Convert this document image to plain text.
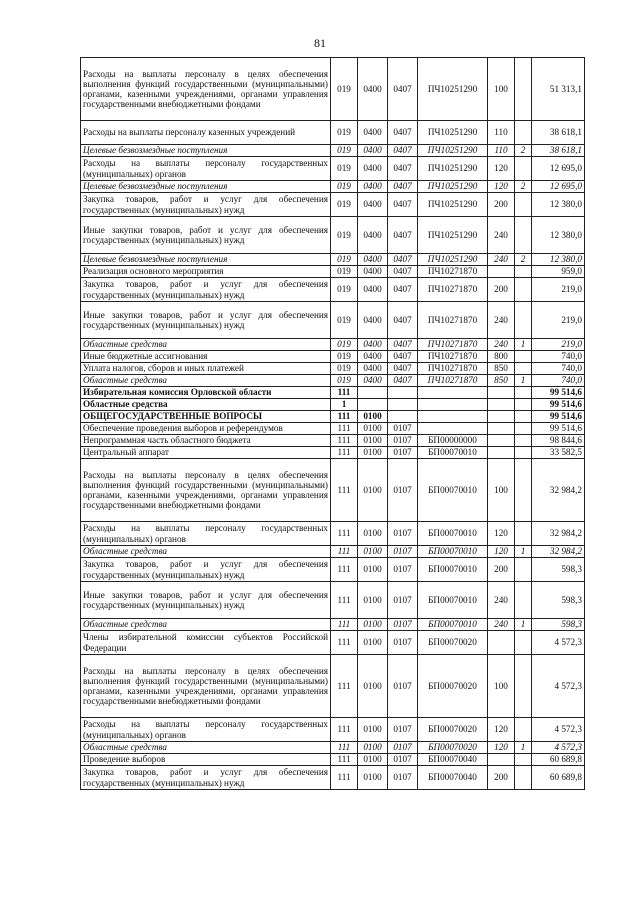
81
Расходы на выплаты персоналу в целях обеспечения выполнения функций государственными (муниципальными) органами, казенными учреждениями, органами управления государственными внебюджетными фондами	019	0400	0407	ПЧ10251290	100		51 313,1
Расходы на выплаты персоналу казенных учреждений	019	0400	0407	ПЧ10251290	110		38 618,1
Целевые безвозмездные поступления	019	0400	0407	ПЧ10251290	110	2	38 618,1
Расходы на выплаты персоналу государственных (муниципальных) органов	019	0400	0407	ПЧ10251290	120		12 695,0
Целевые безвозмездные поступления	019	0400	0407	ПЧ10251290	120	2	12 695,0
Закупка товаров, работ и услуг для обеспечения государственных (муниципальных) нужд	019	0400	0407	ПЧ10251290	200		12 380,0
Иные закупки товаров, работ и услуг для обеспечения государственных (муниципальных) нужд	019	0400	0407	ПЧ10251290	240		12 380,0
Целевые безвозмездные поступления	019	0400	0407	ПЧ10251290	240	2	12 380,0
Реализация основного мероприятия	019	0400	0407	ПЧ10271870			959,0
Закупка товаров, работ и услуг для обеспечения государственных (муниципальных) нужд	019	0400	0407	ПЧ10271870	200		219,0
Иные закупки товаров, работ и услуг для обеспечения государственных (муниципальных) нужд	019	0400	0407	ПЧ10271870	240		219,0
Областные средства	019	0400	0407	ПЧ10271870	240	1	219,0
Иные бюджетные ассигнования	019	0400	0407	ПЧ10271870	800		740,0
Уплата налогов, сборов и иных платежей	019	0400	0407	ПЧ10271870	850		740,0
Областные средства	019	0400	0407	ПЧ10271870	850	1	740,0
Избирательная комиссия Орловской области	111						99 514,6
Областные средства	1						99 514,6
ОБЩЕГОСУДАРСТВЕННЫЕ ВОПРОСЫ	111	0100					99 514,6
Обеспечение проведения выборов и референдумов	111	0100	0107				99 514,6
Непрограммная часть областного бюджета	111	0100	0107	БП00000000			98 844,6
Центральный аппарат	111	0100	0107	БП00070010			33 582,5
Расходы на выплаты персоналу в целях обеспечения выполнения функций государственными (муниципальными) органами, казенными учреждениями, органами управления государственными внебюджетными фондами	111	0100	0107	БП00070010	100		32 984,2
Расходы на выплаты персоналу государственных (муниципальных) органов	111	0100	0107	БП00070010	120		32 984,2
Областные средства	111	0100	0107	БП00070010	120	1	32 984,2
Закупка товаров, работ и услуг для обеспечения государственных (муниципальных) нужд	111	0100	0107	БП00070010	200		598,3
Иные закупки товаров, работ и услуг для обеспечения государственных (муниципальных) нужд	111	0100	0107	БП00070010	240		598,3
Областные средства	111	0100	0107	БП00070010	240	1	598,3
Члены избирательной комиссии субъектов Российской Федерации	111	0100	0107	БП00070020			4 572,3
Расходы на выплаты персоналу в целях обеспечения выполнения функций государственными (муниципальными) органами, казенными учреждениями, органами управления государственными внебюджетными фондами	111	0100	0107	БП00070020	100		4 572,3
Расходы на выплаты персоналу государственных (муниципальных) органов	111	0100	0107	БП00070020	120		4 572,3
Областные средства	111	0100	0107	БП00070020	120	1	4 572,3
Проведение выборов	111	0100	0107	БП00070040			60 689,8
Закупка товаров, работ и услуг для обеспечения государственных (муниципальных) нужд	111	0100	0107	БП00070040	200		60 689,8
